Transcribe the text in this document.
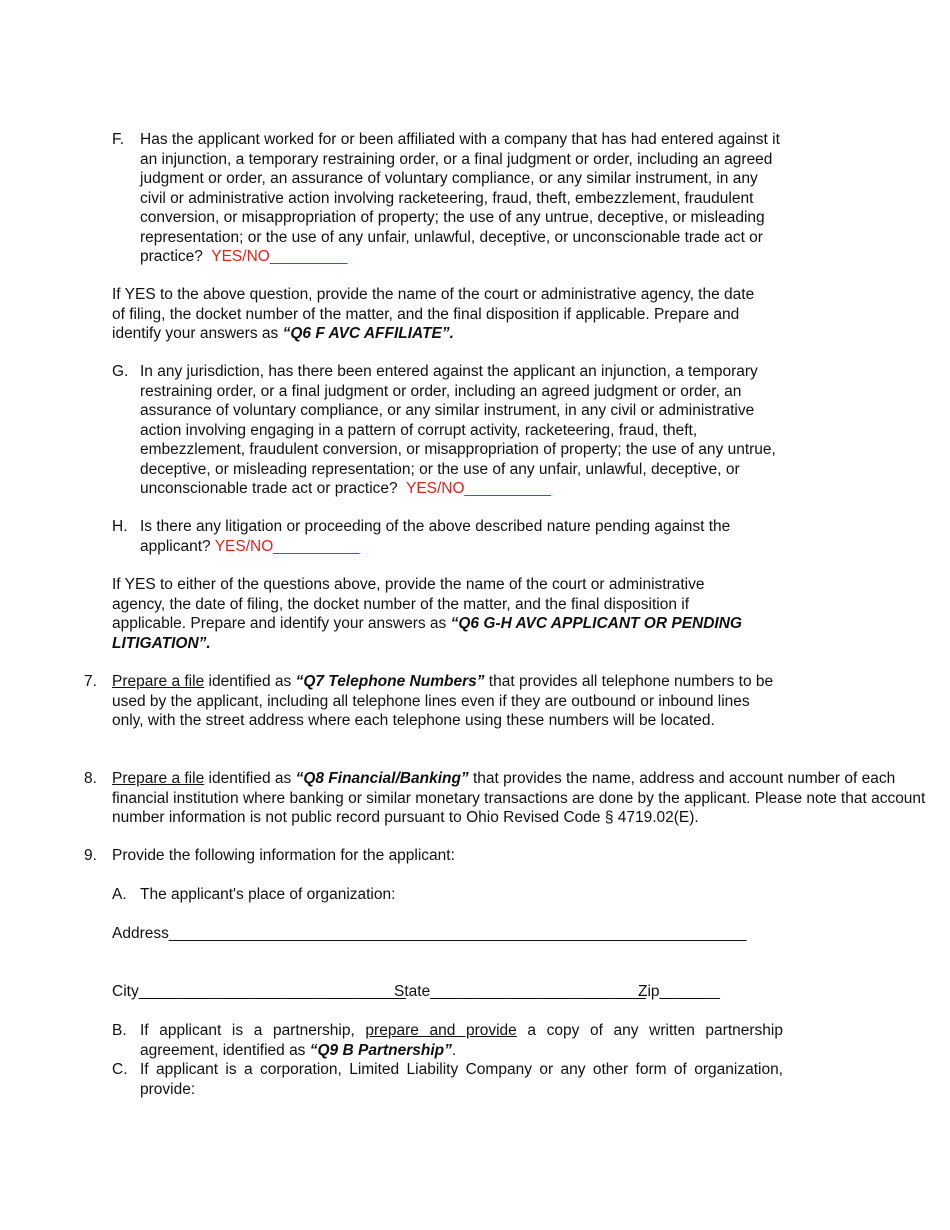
F.	Has the applicant worked for or been affiliated with a company that has had entered against it an injunction, a temporary restraining order, or a final judgment or order, including an agreed judgment or order, an assurance of voluntary compliance, or any similar instrument, in any civil or administrative action involving racketeering, fraud, theft, embezzlement, fraudulent conversion, or misappropriation of property; the use of any untrue, deceptive, or misleading representation; or the use of any unfair, unlawful, deceptive, or unconscionable trade act or practice? YES/NO_________
If YES to the above question, provide the name of the court or administrative agency, the date of filing, the docket number of the matter, and the final disposition if applicable. Prepare and identify your answers as “Q6 F AVC AFFILIATE”.
G. In any jurisdiction, has there been entered against the applicant an injunction, a temporary restraining order, or a final judgment or order, including an agreed judgment or order, an assurance of voluntary compliance, or any similar instrument, in any civil or administrative action involving engaging in a pattern of corrupt activity, racketeering, fraud, theft, embezzlement, fraudulent conversion, or misappropriation of property; the use of any untrue, deceptive, or misleading representation; or the use of any unfair, unlawful, deceptive, or unconscionable trade act or practice? YES/NO__________
H. Is there any litigation or proceeding of the above described nature pending against the applicant? YES/NO__________
If YES to either of the questions above, provide the name of the court or administrative agency, the date of filing, the docket number of the matter, and the final disposition if applicable. Prepare and identify your answers as “Q6 G-H AVC APPLICANT OR PENDING LITIGATION”.
7. Prepare a file identified as “Q7 Telephone Numbers” that provides all telephone numbers to be used by the applicant, including all telephone lines even if they are outbound or inbound lines only, with the street address where each telephone using these numbers will be located.
8. Prepare a file identified as “Q8 Financial/Banking” that provides the name, address and account number of each financial institution where banking or similar monetary transactions are done by the applicant. Please note that account number information is not public record pursuant to Ohio Revised Code § 4719.02(E).
9. Provide the following information for the applicant:
A. The applicant's place of organization:
Address___________________________________________________________________
City_______________________________
State_________________________
Zip_______
B. If applicant is a partnership, prepare and provide a copy of any written partnership agreement, identified as “Q9 B Partnership”.
C. If applicant is a corporation, Limited Liability Company or any other form of organization, provide:
